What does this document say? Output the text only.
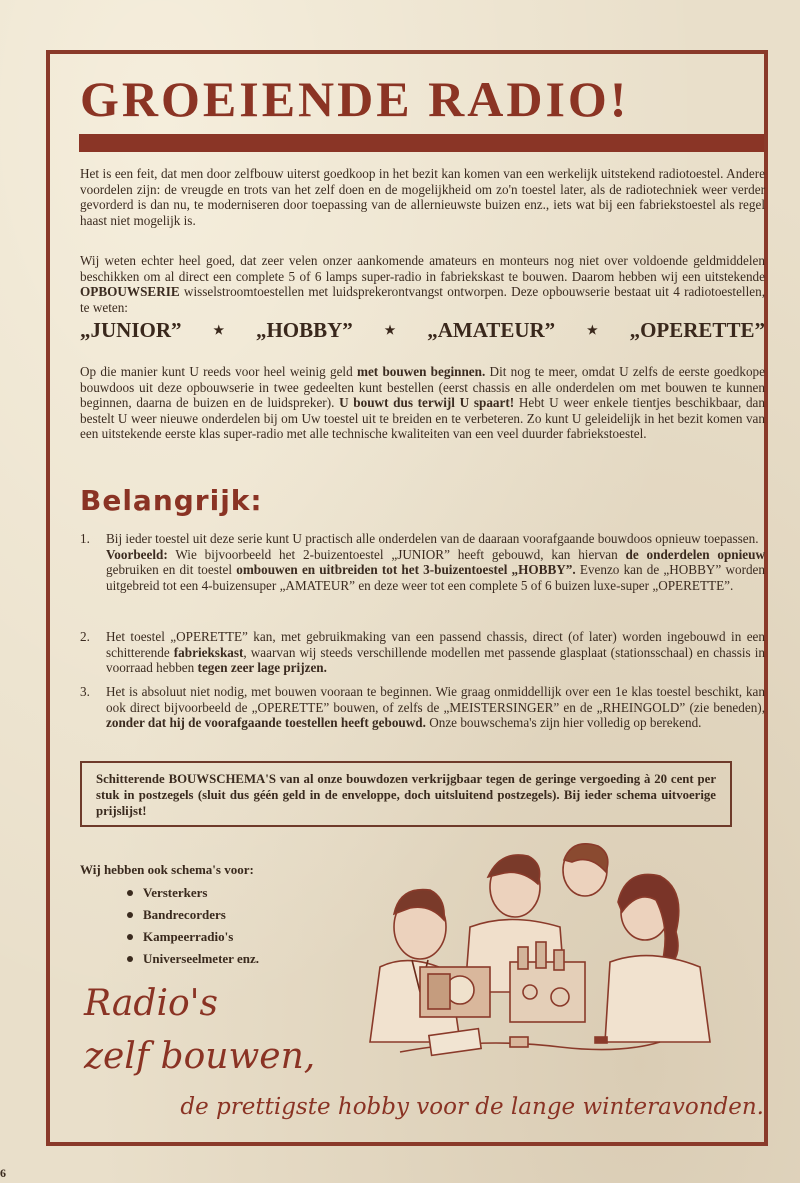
GROEIENDE RADIO!
Het is een feit, dat men door zelfbouw uiterst goedkoop in het bezit kan komen van een werkelijk uitstekend radiotoestel. Andere voordelen zijn: de vreugde en trots van het zelf doen en de mogelijkheid om zo'n toestel later, als de radiotechniek weer verder gevorderd is dan nu, te moderniseren door toepassing van de allernieuwste buizen enz., iets wat bij een fabriekstoestel als regel haast niet mogelijk is.
Wij weten echter heel goed, dat zeer velen onzer aankomende amateurs en monteurs nog niet over voldoende geldmiddelen beschikken om al direct een complete 5 of 6 lamps super-radio in fabriekskast te bouwen. Daarom hebben wij een uitstekende OPBOUWSERIE wisselstroomtoestellen met luidsprekerontvangst ontworpen. Deze opbouwserie bestaat uit 4 radiotoestellen, te weten:
„JUNIOR”	★ „HOBBY”	★ „AMATEUR”	★ „OPERETTE”
Op die manier kunt U reeds voor heel weinig geld met bouwen beginnen. Dit nog te meer, omdat U zelfs de eerste goedkope bouwdoos uit deze opbouwserie in twee gedeelten kunt bestellen (eerst chassis en alle onderdelen om met bouwen te kunnen beginnen, daarna de buizen en de luidspreker). U bouwt dus terwijl U spaart! Hebt U weer enkele tientjes beschikbaar, dan bestelt U weer nieuwe onderdelen bij om Uw toestel uit te breiden en te verbeteren. Zo kunt U geleidelijk in het bezit komen van een uitstekende eerste klas super-radio met alle technische kwaliteiten van een veel duurder fabriekstoestel.
Belangrijk:
1.	Bij ieder toestel uit deze serie kunt U practisch alle onderdelen van de daaraan voorafgaande bouwdoos opnieuw toepassen.
Voorbeeld: Wie bijvoorbeeld het 2-buizentoestel „JUNIOR” heeft gebouwd, kan hiervan de onderdelen opnieuw gebruiken en dit toestel ombouwen en uitbreiden tot het 3-buizentoestel „HOBBY”. Evenzo kan de „HOBBY” worden uitgebreid tot een 4-buizensuper „AMATEUR” en deze weer tot een complete 5 of 6 buizen luxe-super „OPERETTE”.
2.	Het toestel „OPERETTE” kan, met gebruikmaking van een passend chassis, direct (of later) worden ingebouwd in een schitterende fabriekskast, waarvan wij steeds verschillende modellen met passende glasplaat (stationsschaal) en chassis in voorraad hebben tegen zeer lage prijzen.
3.	Het is absoluut niet nodig, met bouwen vooraan te beginnen. Wie graag onmiddellijk over een 1e klas toestel beschikt, kan ook direct bijvoorbeeld de „OPERETTE” bouwen, of zelfs de „MEISTERSINGER” en de „RHEINGOLD” (zie beneden), zonder dat hij de voorafgaande toestellen heeft gebouwd. Onze bouwschema's zijn hier volledig op berekend.
Schitterende BOUWSCHEMA'S van al onze bouwdozen verkrijgbaar tegen de geringe vergoeding à 20 cent per stuk in postzegels (sluit dus géén geld in de enveloppe, doch uitsluitend postzegels). Bij ieder schema uitvoerige prijslijst!
Wij hebben ook schema's voor:
Versterkers
Bandrecorders
Kampeerradio's
Universeelmeter enz.
Radio's
zelf bouwen,
de prettigste hobby voor de lange winteravonden.
6
